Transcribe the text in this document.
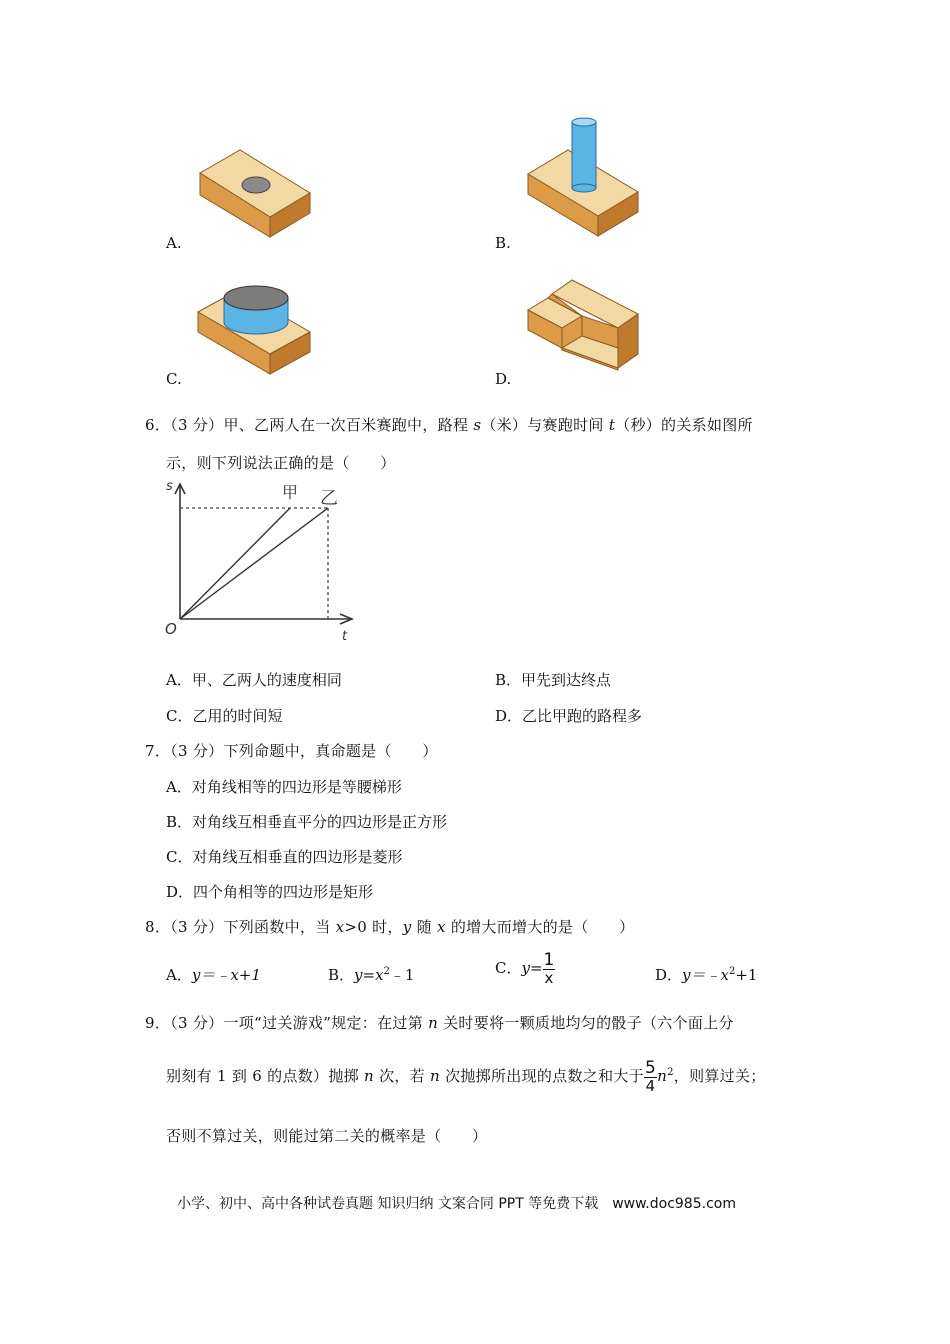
A.	B.
C.	D.
6．（3 分）甲、乙两人在一次百米赛跑中，路程 s（米）与赛跑时间 t（秒）的关系如图所
示，则下列说法正确的是（　　）
s
t
O
甲 乙
A．甲、乙两人的速度相同	B．甲先到达终点
C．乙用的时间短	D．乙比甲跑的路程多
7．（3 分）下列命题中，真命题是（　　）
A．对角线相等的四边形是等腰梯形
B．对角线互相垂直平分的四边形是正方形
C．对角线互相垂直的四边形是菱形
D．四个角相等的四边形是矩形
8．（3 分）下列函数中，当 x>0 时，y 随 x 的增大而增大的是（　　）
A．y＝﹣x+1	B．$y=x^2﹣1$	C．$y= \frac{1}{x}$	D．$y=﹣x^2+1$
9．（3 分）一项“过关游戏”规定：在过第 n 关时要将一颗质地均匀的骰子（六个面上分
别刻有 1 到 6 的点数）抛掷 n 次，若 n 次抛掷所出现的点数之和大于 $\frac{5}{4} n^2$，则算过关；
否则不算过关，则能过第二关的概率是（　　）
小学、初中、高中各种试卷真题 知识归纳 文案合同 PPT 等免费下载　www.doc985.com
